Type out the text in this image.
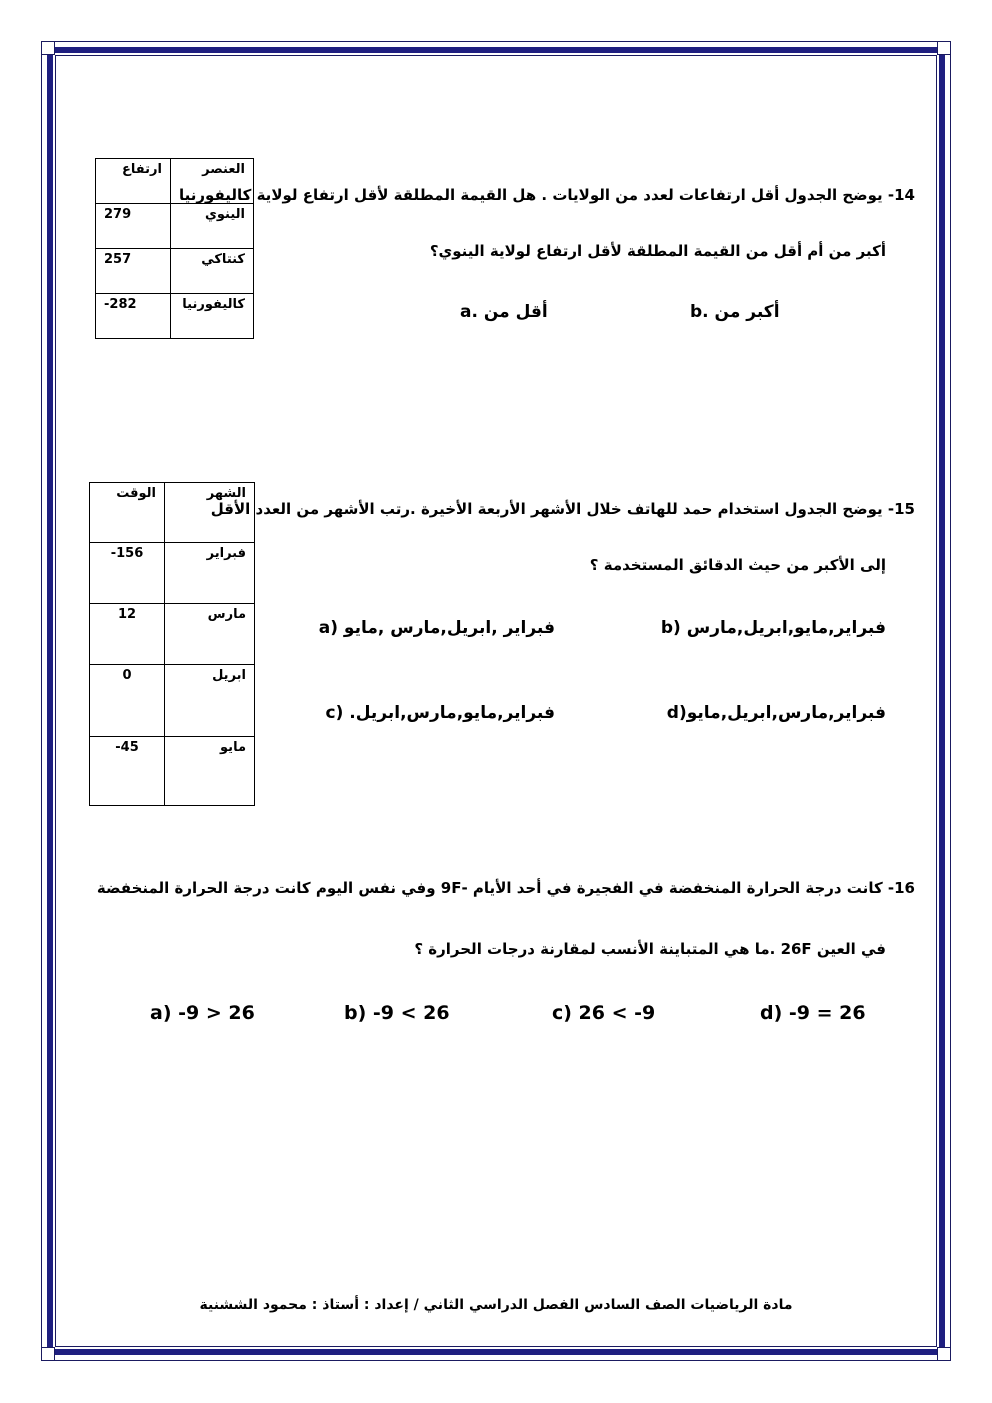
ارتفاع	العنصر
279	الينوي
257	كنتاكي
-282	كاليفورنيا
14- يوضح الجدول أقل ارتفاعات لعدد من الولايات . هل القيمة المطلقة لأقل ارتفاع لولاية كاليفورنيا
أكبر من أم أقل من القيمة المطلقة لأقل ارتفاع لولاية الينوي؟
أقل من .a	أكبر من .b
الوقت	الشهر
-156	فبراير
12	مارس
0	ابريل
-45	مايو
15- يوضح الجدول استخدام حمد للهاتف خلال الأشهر الأربعة الأخيرة .رتب الأشهر من العدد الأقل
إلى الأكبر من حيث الدقائق المستخدمة ؟
فبراير ,ابريل,مارس ,مايو (a	فبراير,مايو,ابريل,مارس (b
فبراير,مايو,مارس,ابريل. (c	فبراير,مارس,ابريل,مايو(d
16- كانت درجة الحرارة المنخفضة في الفجيرة في أحد الأيام -9F وفي نفس اليوم كانت درجة الحرارة المنخفضة
في العين 26F .ما هي المتباينة الأنسب لمقارنة درجات الحرارة ؟
a) -9 > 26	b) -9 < 26	c) 26 < -9	d) -9 = 26
مادة الرياضيات الصف السادس الفصل الدراسي الثاني / إعداد : أستاذ : محمود الششنية
